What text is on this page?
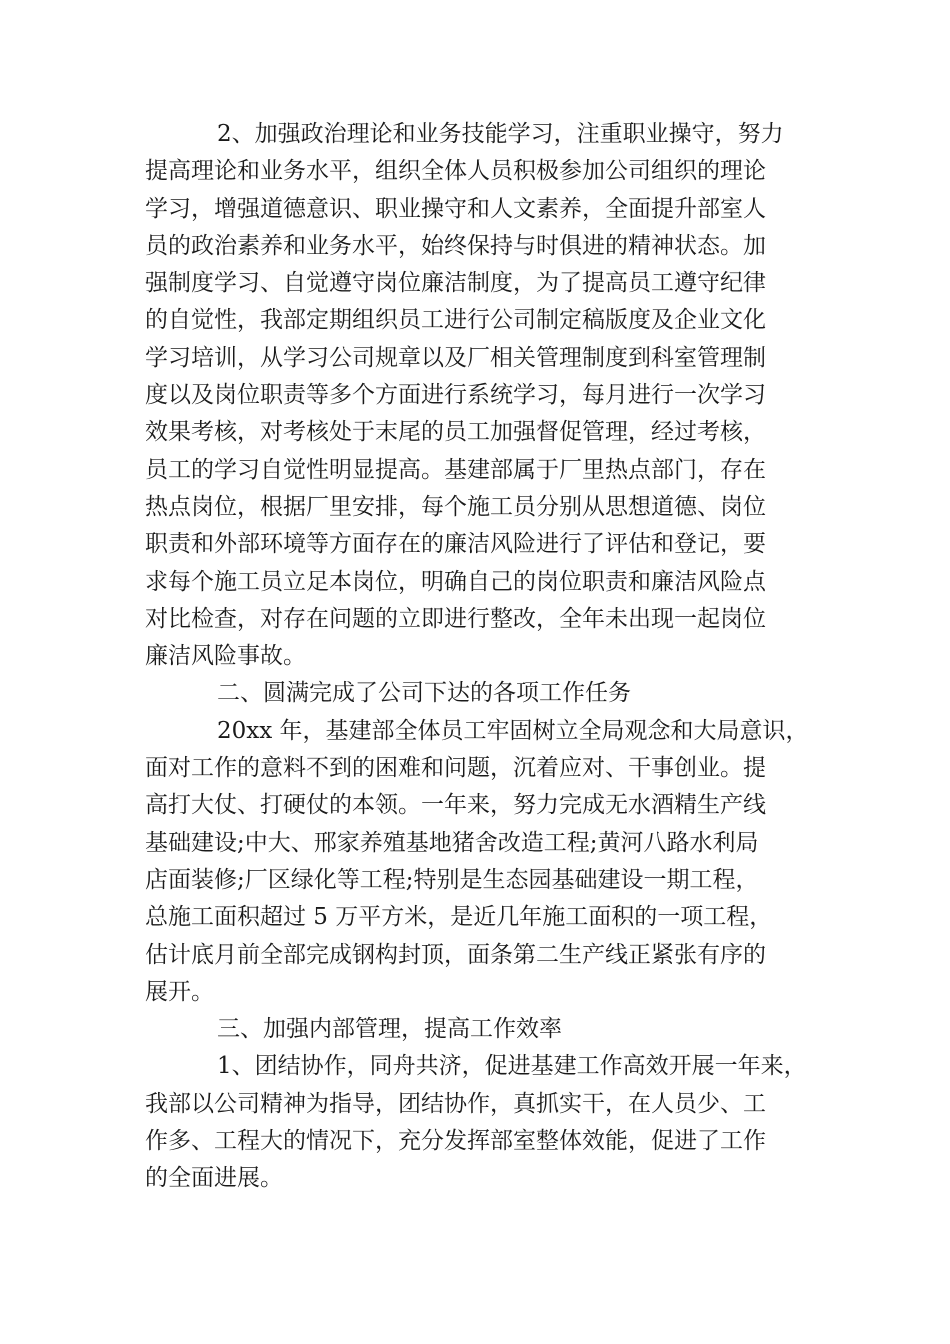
2、加强政治理论和业务技能学习，注重职业操守，努力
提高理论和业务水平，组织全体人员积极参加公司组织的理论
学习，增强道德意识、职业操守和人文素养，全面提升部室人
员的政治素养和业务水平，始终保持与时俱进的精神状态。加
强制度学习、自觉遵守岗位廉洁制度，为了提高员工遵守纪律
的自觉性，我部定期组织员工进行公司制定稿版度及企业文化
学习培训，从学习公司规章以及厂相关管理制度到科室管理制
度以及岗位职责等多个方面进行系统学习，每月进行一次学习
效果考核，对考核处于末尾的员工加强督促管理，经过考核，
员工的学习自觉性明显提高。基建部属于厂里热点部门，存在
热点岗位，根据厂里安排，每个施工员分别从思想道德、岗位
职责和外部环境等方面存在的廉洁风险进行了评估和登记，要
求每个施工员立足本岗位，明确自己的岗位职责和廉洁风险点
对比检查，对存在问题的立即进行整改，全年未出现一起岗位
廉洁风险事故。
二、圆满完成了公司下达的各项工作任务
20xx 年，基建部全体员工牢固树立全局观念和大局意识，
面对工作的意料不到的困难和问题，沉着应对、干事创业。提
高打大仗、打硬仗的本领。一年来，努力完成无水酒精生产线
基础建设;中大、邢家养殖基地猪舍改造工程;黄河八路水利局
店面装修;厂区绿化等工程;特别是生态园基础建设一期工程，
总施工面积超过 5 万平方米，是近几年施工面积的一项工程，
估计底月前全部完成钢构封顶，面条第二生产线正紧张有序的
展开。
三、加强内部管理，提高工作效率
1、团结协作，同舟共济，促进基建工作高效开展一年来，
我部以公司精神为指导，团结协作，真抓实干，在人员少、工
作多、工程大的情况下，充分发挥部室整体效能，促进了工作
的全面进展。
